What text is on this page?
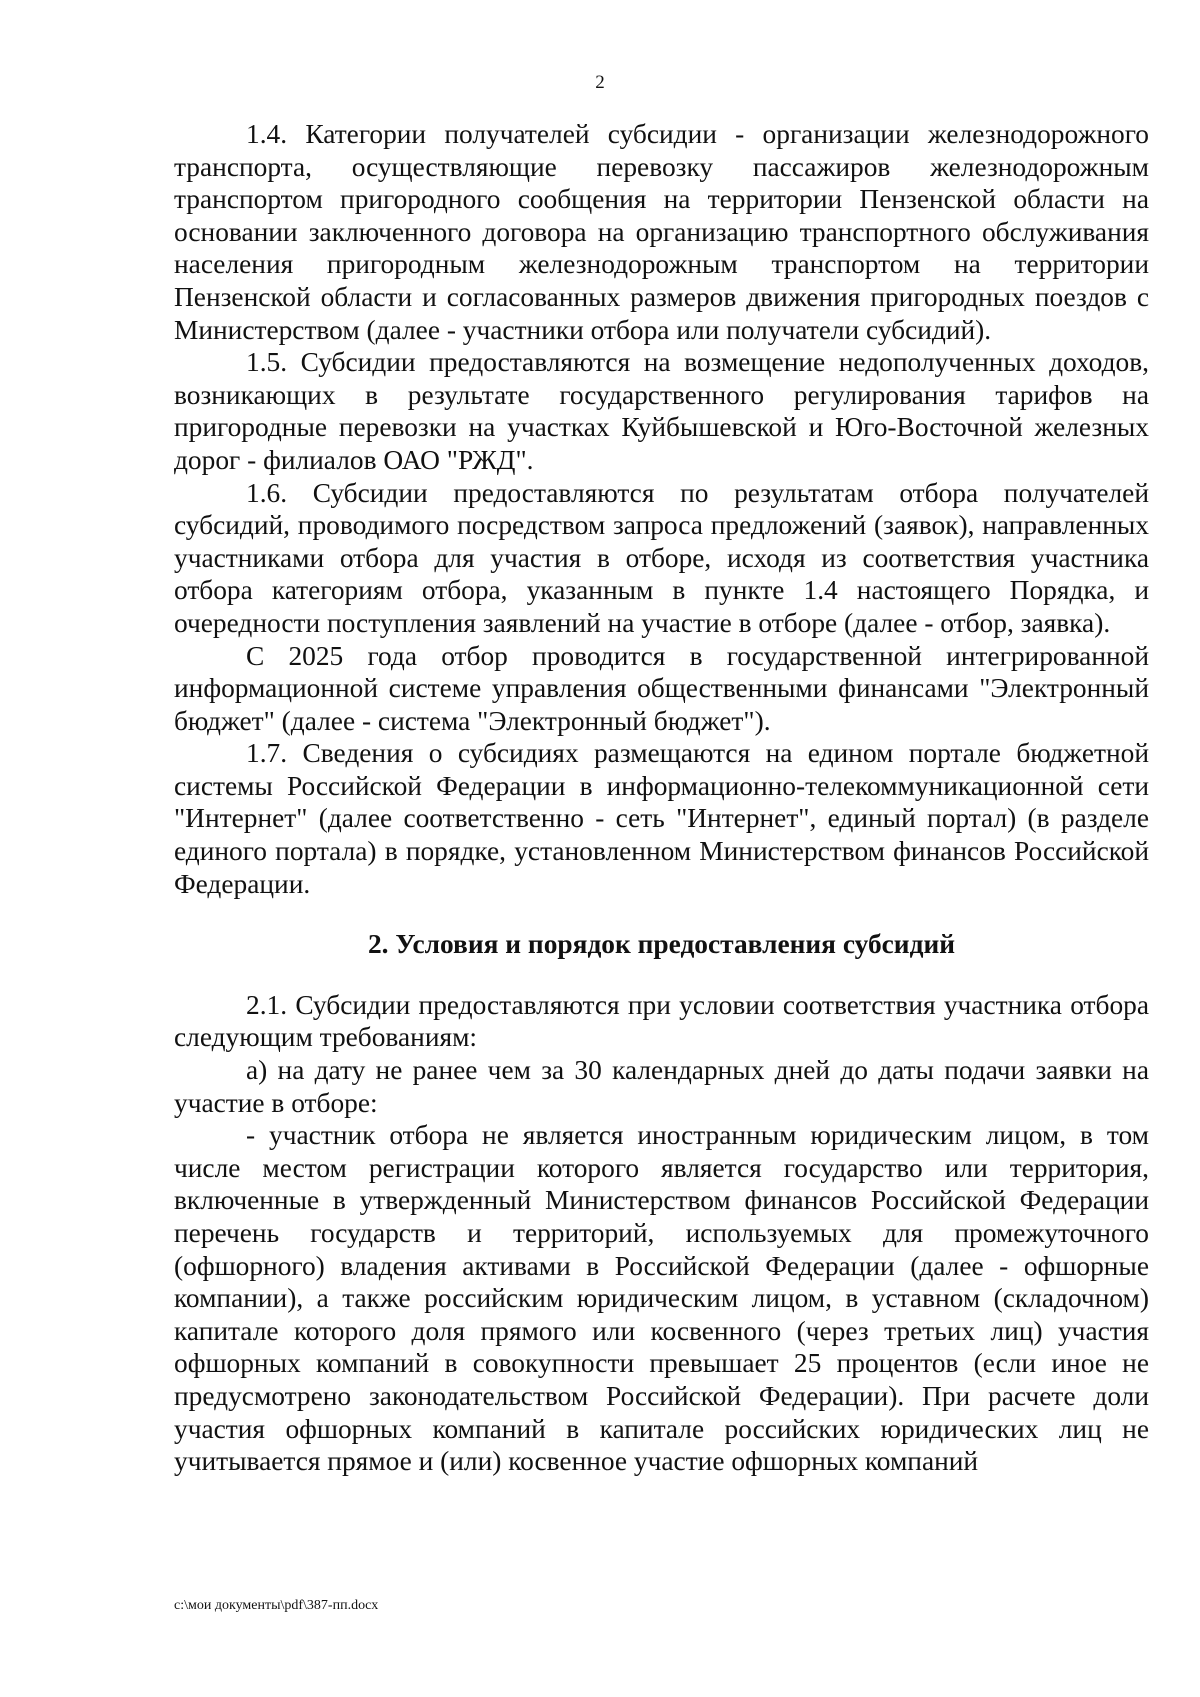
2

1.4. Категории получателей субсидии - организации железнодорожного транспорта, осуществляющие перевозку пассажиров железнодорожным транспортом пригородного сообщения на территории Пензенской области на основании заключенного договора на организацию транспортного обслуживания населения пригородным железнодорожным транспортом на территории Пензенской области и согласованных размеров движения пригородных поездов с Министерством (далее - участники отбора или получатели субсидий).

1.5. Субсидии предоставляются на возмещение недополученных доходов, возникающих в результате государственного регулирования тарифов на пригородные перевозки на участках Куйбышевской и Юго-Восточной железных дорог - филиалов ОАО "РЖД".

1.6. Субсидии предоставляются по результатам отбора получателей субсидий, проводимого посредством запроса предложений (заявок), направленных участниками отбора для участия в отборе, исходя из соответствия участника отбора категориям отбора, указанным в пункте 1.4 настоящего Порядка, и очередности поступления заявлений на участие в отборе (далее - отбор, заявка).

С 2025 года отбор проводится в государственной интегрированной информационной системе управления общественными финансами "Электронный бюджет" (далее - система "Электронный бюджет").

1.7. Сведения о субсидиях размещаются на едином портале бюджетной системы Российской Федерации в информационно-телекоммуникационной сети "Интернет" (далее соответственно - сеть "Интернет", единый портал) (в разделе единого портала) в порядке, установленном Министерством финансов Российской Федерации.

2. Условия и порядок предоставления субсидий

2.1. Субсидии предоставляются при условии соответствия участника отбора следующим требованиям:

а) на дату не ранее чем за 30 календарных дней до даты подачи заявки на участие в отборе:

- участник отбора не является иностранным юридическим лицом, в том числе местом регистрации которого является государство или территория, включенные в утвержденный Министерством финансов Российской Федерации перечень государств и территорий, используемых для промежуточного (офшорного) владения активами в Российской Федерации (далее - офшорные компании), а также российским юридическим лицом, в уставном (складочном) капитале которого доля прямого или косвенного (через третьих лиц) участия офшорных компаний в совокупности превышает 25 процентов (если иное не предусмотрено законодательством Российской Федерации). При расчете доли участия офшорных компаний в капитале российских юридических лиц не учитывается прямое и (или) косвенное участие офшорных компаний

c:\мои документы\pdf\387-пп.docx
